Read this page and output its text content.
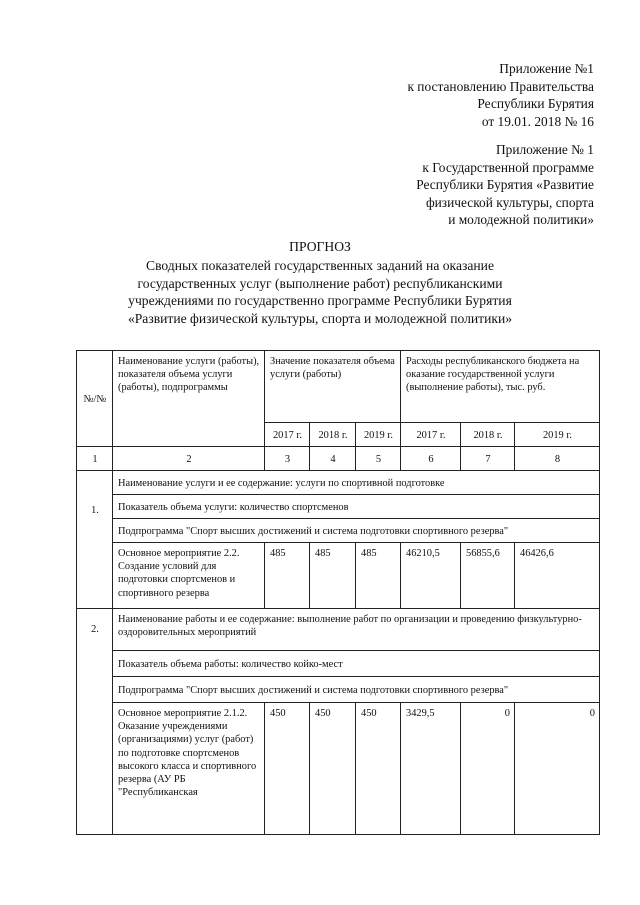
Приложение №1
к постановлению Правительства
Республики Бурятия
от 19.01. 2018 № 16
Приложение № 1
к Государственной программе
Республики Бурятия «Развитие
физической культуры, спорта
и молодежной политики»
ПРОГНОЗ
Сводных показателей государственных заданий на оказание
государственных услуг (выполнение работ) республиканскими
учреждениями по государственно программе Республики Бурятия
«Развитие физической культуры, спорта и молодежной политики»
№/№	Наименование услуги (работы), показателя объема услуги (работы), подпрограммы	Значение показателя объема услуги (работы)			Расходы республиканского бюджета на оказание государственной услуги (выполнение работы), тыс. руб.		

		2017 г.	2018 г.	2019 г.	2017 г.	2018 г.	2019 г.

1	2	3	4	5	6	7	8

1.	Наименование услуги и ее содержание: услуги по спортивной подготовке						

	Показатель объема услуги: количество спортсменов						

	Подпрограмма "Спорт высших достижений и система подготовки спортивного резерва"						

	Основное мероприятие 2.2. Создание условий для подготовки спортсменов и спортивного резерва	485	485	485	46210,5	56855,6	46426,6

2.	Наименование работы и ее содержание: выполнение работ по организации и проведению физкультурно-оздоровительных мероприятий						

	Показатель объема работы: количество койко-мест						

	Подпрограмма "Спорт высших достижений и система подготовки спортивного резерва"						

	Основное мероприятие 2.1.2. Оказание учреждениями (организациями) услуг (работ) по подготовке спортсменов высокого класса и спортивного резерва (АУ РБ "Республиканская	450	450	450	3429,5	0	0
